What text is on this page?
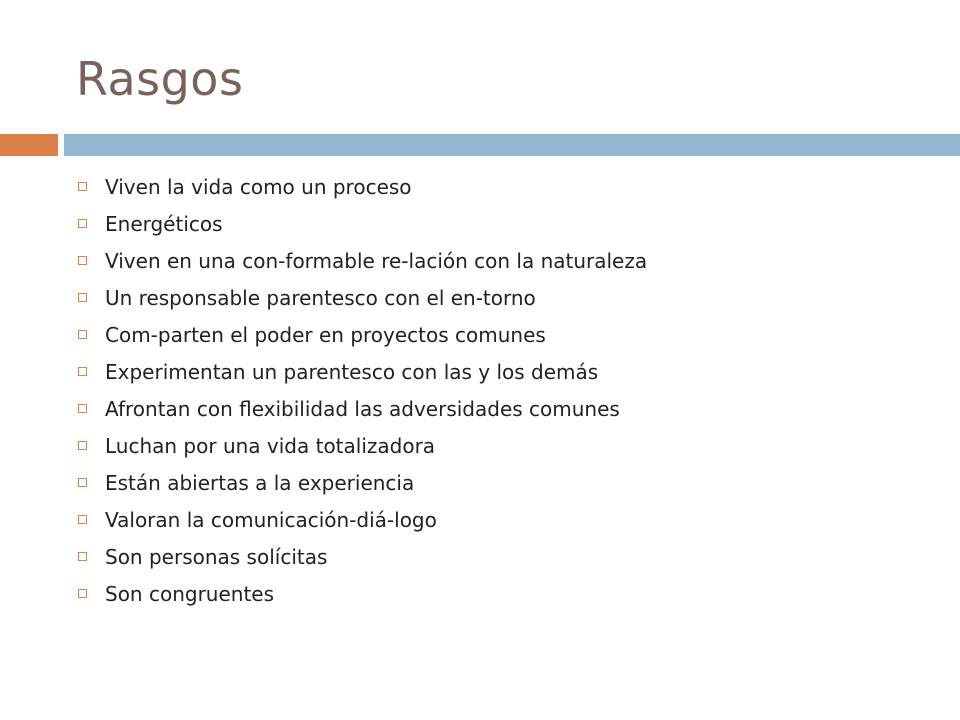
Rasgos
Viven la vida como un proceso
Energéticos
Viven en una con-formable re-lación con la naturaleza
Un responsable parentesco con el en-torno
Com-parten el poder en proyectos comunes
Experimentan un parentesco con las y los demás
Afrontan con flexibilidad las adversidades comunes
Luchan por una vida totalizadora
Están abiertas a la experiencia
Valoran la comunicación-diá-logo
Son personas solícitas
Son congruentes
